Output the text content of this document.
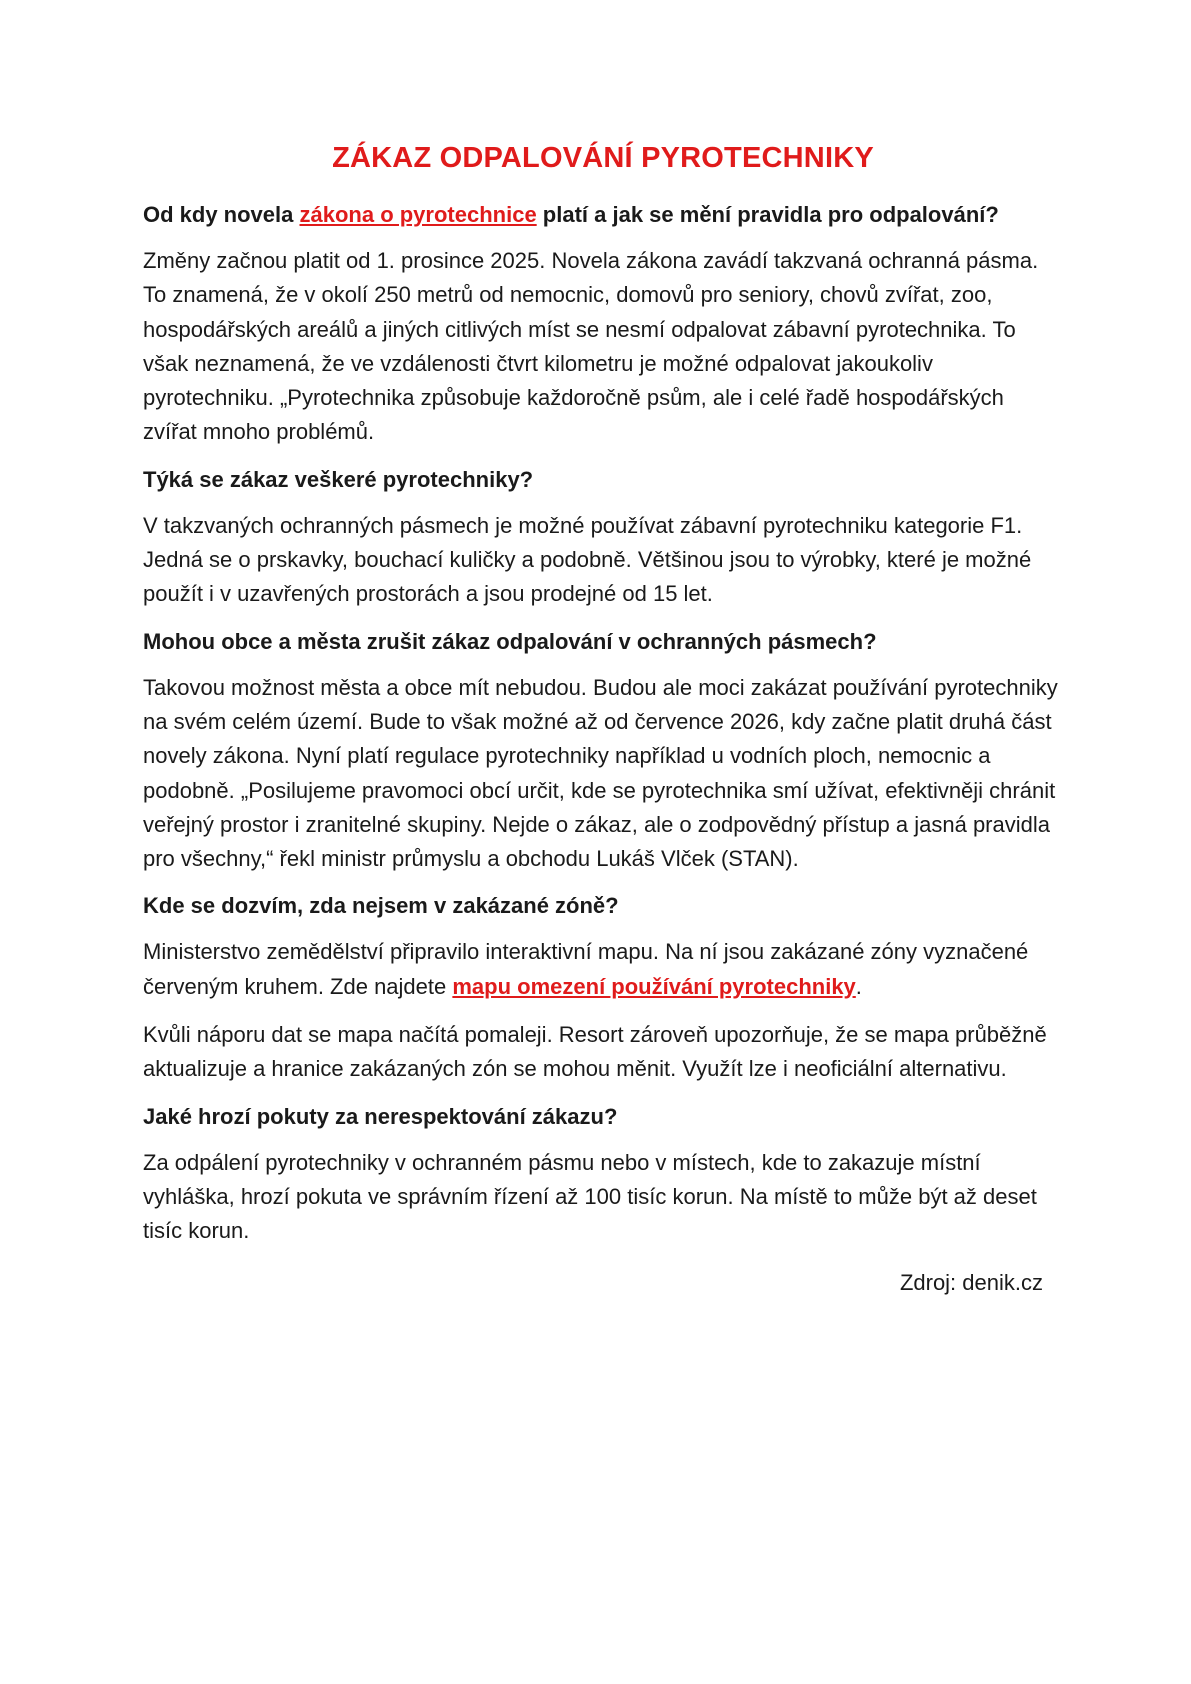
ZÁKAZ ODPALOVÁNÍ PYROTECHNIKY
Od kdy novela zákona o pyrotechnice platí a jak se mění pravidla pro odpalování?
Změny začnou platit od 1. prosince 2025. Novela zákona zavádí takzvaná ochranná pásma. To znamená, že v okolí 250 metrů od nemocnic, domovů pro seniory, chovů zvířat, zoo, hospodářských areálů a jiných citlivých míst se nesmí odpalovat zábavní pyrotechnika. To však neznamená, že ve vzdálenosti čtvrt kilometru je možné odpalovat jakoukoliv pyrotechniku. „Pyrotechnika způsobuje každoročně psům, ale i celé řadě hospodářských zvířat mnoho problémů.
Týká se zákaz veškeré pyrotechniky?
V takzvaných ochranných pásmech je možné používat zábavní pyrotechniku kategorie F1. Jedná se o prskavky, bouchací kuličky a podobně. Většinou jsou to výrobky, které je možné použít i v uzavřených prostorách a jsou prodejné od 15 let.
Mohou obce a města zrušit zákaz odpalování v ochranných pásmech?
Takovou možnost města a obce mít nebudou. Budou ale moci zakázat používání pyrotechniky na svém celém území. Bude to však možné až od července 2026, kdy začne platit druhá část novely zákona. Nyní platí regulace pyrotechniky například u vodních ploch, nemocnic a podobně. „Posilujeme pravomoci obcí určit, kde se pyrotechnika smí užívat, efektivněji chránit veřejný prostor i zranitelné skupiny. Nejde o zákaz, ale o zodpovědný přístup a jasná pravidla pro všechny,“ řekl ministr průmyslu a obchodu Lukáš Vlček (STAN).
Kde se dozvím, zda nejsem v zakázané zóně?
Ministerstvo zemědělství připravilo interaktivní mapu. Na ní jsou zakázané zóny vyznačené červeným kruhem. Zde najdete mapu omezení používání pyrotechniky.
Kvůli náporu dat se mapa načítá pomaleji. Resort zároveň upozorňuje, že se mapa průběžně aktualizuje a hranice zakázaných zón se mohou měnit. Využít lze i neoficiální alternativu.
Jaké hrozí pokuty za nerespektování zákazu?
Za odpálení pyrotechniky v ochranném pásmu nebo v místech, kde to zakazuje místní vyhláška, hrozí pokuta ve správním řízení až 100 tisíc korun. Na místě to může být až deset tisíc korun.
Zdroj: denik.cz
